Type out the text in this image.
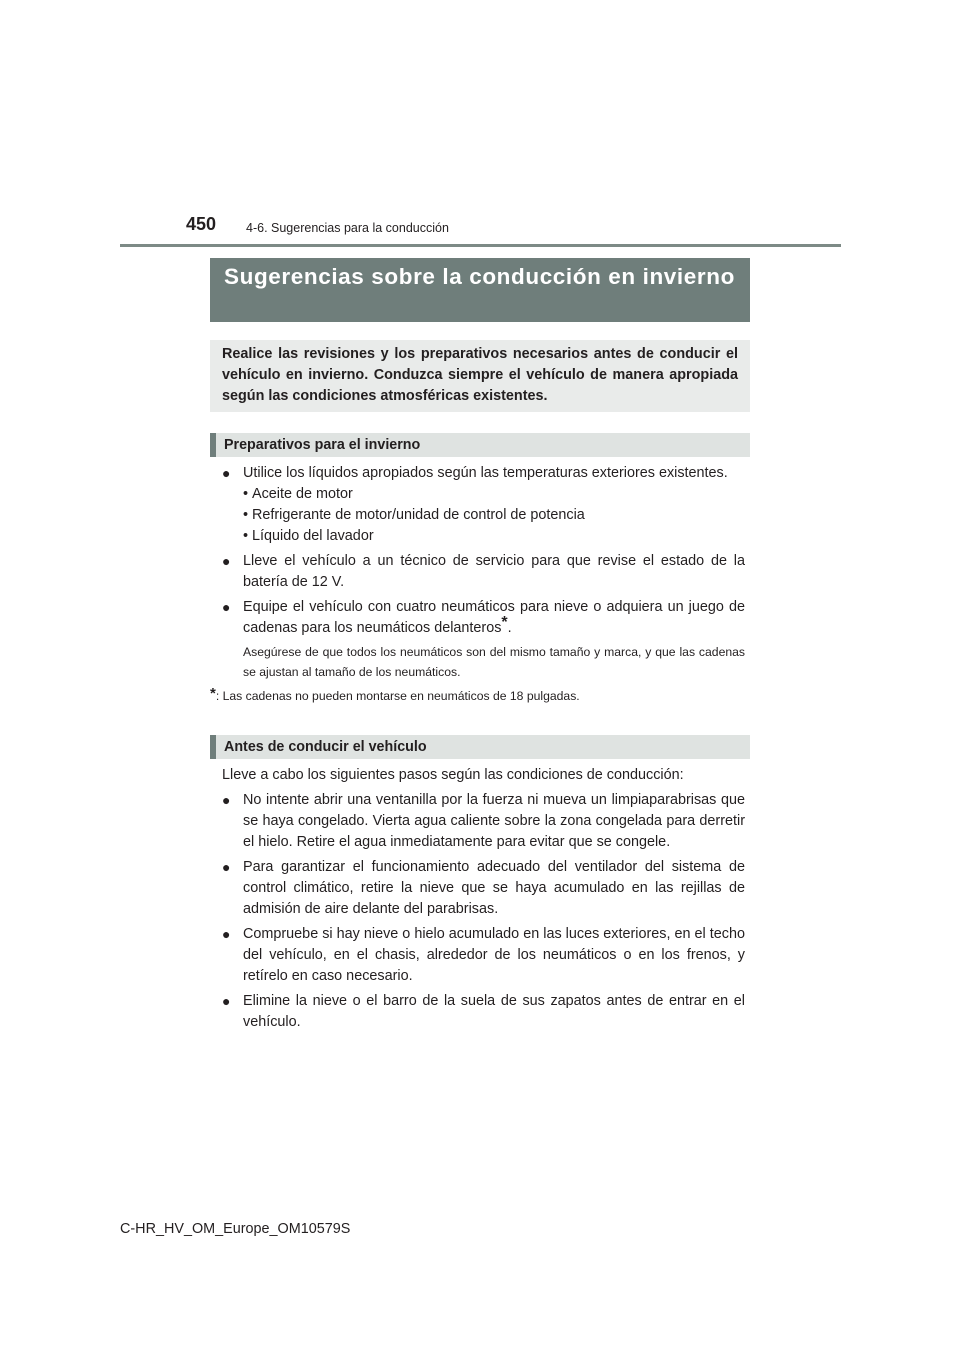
450 4-6. Sugerencias para la conducción
Sugerencias sobre la conducción en invierno
Realice las revisiones y los preparativos necesarios antes de conducir el vehículo en invierno. Conduzca siempre el vehículo de manera apropiada según las condiciones atmosféricas existentes.
Preparativos para el invierno
● Utilice los líquidos apropiados según las temperaturas exteriores existentes.
• Aceite de motor
• Refrigerante de motor/unidad de control de potencia
• Líquido del lavador
● Lleve el vehículo a un técnico de servicio para que revise el estado de la batería de 12 V.
● Equipe el vehículo con cuatro neumáticos para nieve o adquiera un juego de cadenas para los neumáticos delanteros*.
Asegúrese de que todos los neumáticos son del mismo tamaño y marca, y que las cadenas se ajustan al tamaño de los neumáticos.
*: Las cadenas no pueden montarse en neumáticos de 18 pulgadas.
Antes de conducir el vehículo
Lleve a cabo los siguientes pasos según las condiciones de conducción:
● No intente abrir una ventanilla por la fuerza ni mueva un limpiaparabrisas que se haya congelado. Vierta agua caliente sobre la zona congelada para derretir el hielo. Retire el agua inmediatamente para evitar que se congele.
● Para garantizar el funcionamiento adecuado del ventilador del sistema de control climático, retire la nieve que se haya acumulado en las rejillas de admisión de aire delante del parabrisas.
● Compruebe si hay nieve o hielo acumulado en las luces exteriores, en el techo del vehículo, en el chasis, alrededor de los neumáticos o en los frenos, y retírelo en caso necesario.
● Elimine la nieve o el barro de la suela de sus zapatos antes de entrar en el vehículo.
C-HR_HV_OM_Europe_OM10579S
